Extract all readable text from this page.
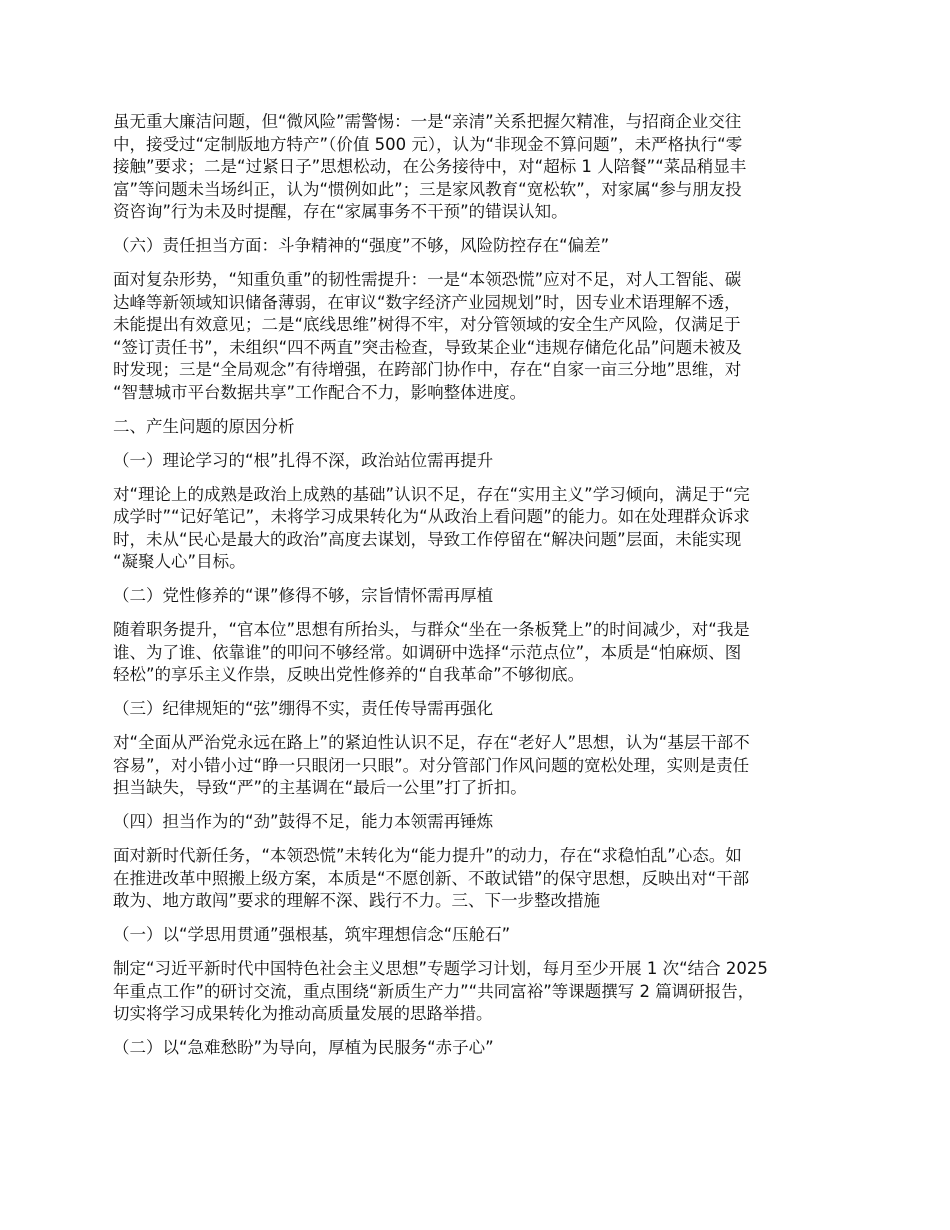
虽无重大廉洁问题，但“微风险”需警惕：一是“亲清”关系把握欠精准，与招商企业交往
中，接受过“定制版地方特产”（价值 500 元），认为“非现金不算问题”，未严格执行“零
接触”要求；二是“过紧日子”思想松动，在公务接待中，对“超标 1 人陪餐”“菜品稍显丰
富”等问题未当场纠正，认为“惯例如此”；三是家风教育“宽松软”，对家属“参与朋友投
资咨询”行为未及时提醒，存在“家属事务不干预”的错误认知。

（六）责任担当方面：斗争精神的“强度”不够，风险防控存在“偏差”

面对复杂形势，“知重负重”的韧性需提升：一是“本领恐慌”应对不足，对人工智能、碳
达峰等新领域知识储备薄弱，在审议“数字经济产业园规划”时，因专业术语理解不透，
未能提出有效意见；二是“底线思维”树得不牢，对分管领域的安全生产风险，仅满足于
“签订责任书”，未组织“四不两直”突击检查，导致某企业“违规存储危化品”问题未被及
时发现；三是“全局观念”有待增强，在跨部门协作中，存在“自家一亩三分地”思维，对
“智慧城市平台数据共享”工作配合不力，影响整体进度。

二、产生问题的原因分析

（一）理论学习的“根”扎得不深，政治站位需再提升

对“理论上的成熟是政治上成熟的基础”认识不足，存在“实用主义”学习倾向，满足于“完
成学时”“记好笔记”，未将学习成果转化为“从政治上看问题”的能力。如在处理群众诉求
时，未从“民心是最大的政治”高度去谋划，导致工作停留在“解决问题”层面，未能实现
“凝聚人心”目标。

（二）党性修养的“课”修得不够，宗旨情怀需再厚植

随着职务提升，“官本位”思想有所抬头，与群众“坐在一条板凳上”的时间减少，对“我是
谁、为了谁、依靠谁”的叩问不够经常。如调研中选择“示范点位”，本质是“怕麻烦、图
轻松”的享乐主义作祟，反映出党性修养的“自我革命”不够彻底。

（三）纪律规矩的“弦”绷得不实，责任传导需再强化

对“全面从严治党永远在路上”的紧迫性认识不足，存在“老好人”思想，认为“基层干部不
容易”，对小错小过“睁一只眼闭一只眼”。对分管部门作风问题的宽松处理，实则是责任
担当缺失，导致“严”的主基调在“最后一公里”打了折扣。

（四）担当作为的“劲”鼓得不足，能力本领需再锤炼

面对新时代新任务，“本领恐慌”未转化为“能力提升”的动力，存在“求稳怕乱”心态。如
在推进改革中照搬上级方案，本质是“不愿创新、不敢试错”的保守思想，反映出对“干部
敢为、地方敢闯”要求的理解不深、践行不力。三、下一步整改措施

（一）以“学思用贯通”强根基，筑牢理想信念“压舱石”

制定“习近平新时代中国特色社会主义思想”专题学习计划，每月至少开展 1 次“结合 2025
年重点工作”的研讨交流，重点围绕“新质生产力”“共同富裕”等课题撰写 2 篇调研报告，
切实将学习成果转化为推动高质量发展的思路举措。

（二）以“急难愁盼”为导向，厚植为民服务“赤子心”
